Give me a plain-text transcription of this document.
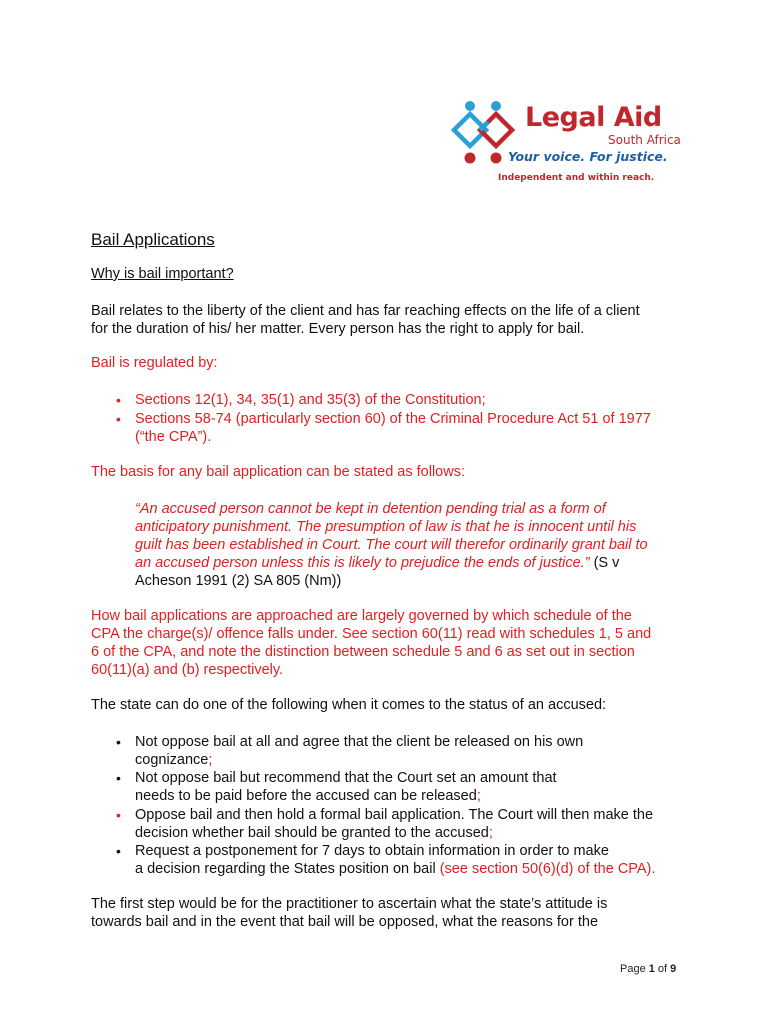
Legal Aid
South Africa
Your voice. For justice.
Independent and within reach.
Bail Applications
Why is bail important?
Bail relates to the liberty of the client and has far reaching effects on the life of a client
for the duration of his/ her matter. Every person has the right to apply for bail.
Bail is regulated by:
• Sections 12(1), 34, 35(1) and 35(3) of the Constitution;
• Sections 58-74 (particularly section 60) of the Criminal Procedure Act 51 of 1977
(“the CPA”).
The basis for any bail application can be stated as follows:
“An accused person cannot be kept in detention pending trial as a form of
anticipatory punishment. The presumption of law is that he is innocent until his
guilt has been established in Court. The court will therefor ordinarily grant bail to
an accused person unless this is likely to prejudice the ends of justice.” (S v
Acheson 1991 (2) SA 805 (Nm))
How bail applications are approached are largely governed by which schedule of the
CPA the charge(s)/ offence falls under. See section 60(11) read with schedules 1, 5 and
6 of the CPA, and note the distinction between schedule 5 and 6 as set out in section
60(11)(a) and (b) respectively.
The state can do one of the following when it comes to the status of an accused:
• Not oppose bail at all and agree that the client be released on his own
cognizance;
• Not oppose bail but recommend that the Court set an amount that
needs to be paid before the accused can be released;
• Oppose bail and then hold a formal bail application. The Court will then make the
decision whether bail should be granted to the accused;
• Request a postponement for 7 days to obtain information in order to make
a decision regarding the States position on bail (see section 50(6)(d) of the CPA).
The first step would be for the practitioner to ascertain what the state’s attitude is
towards bail and in the event that bail will be opposed, what the reasons for the
Page 1 of 9
